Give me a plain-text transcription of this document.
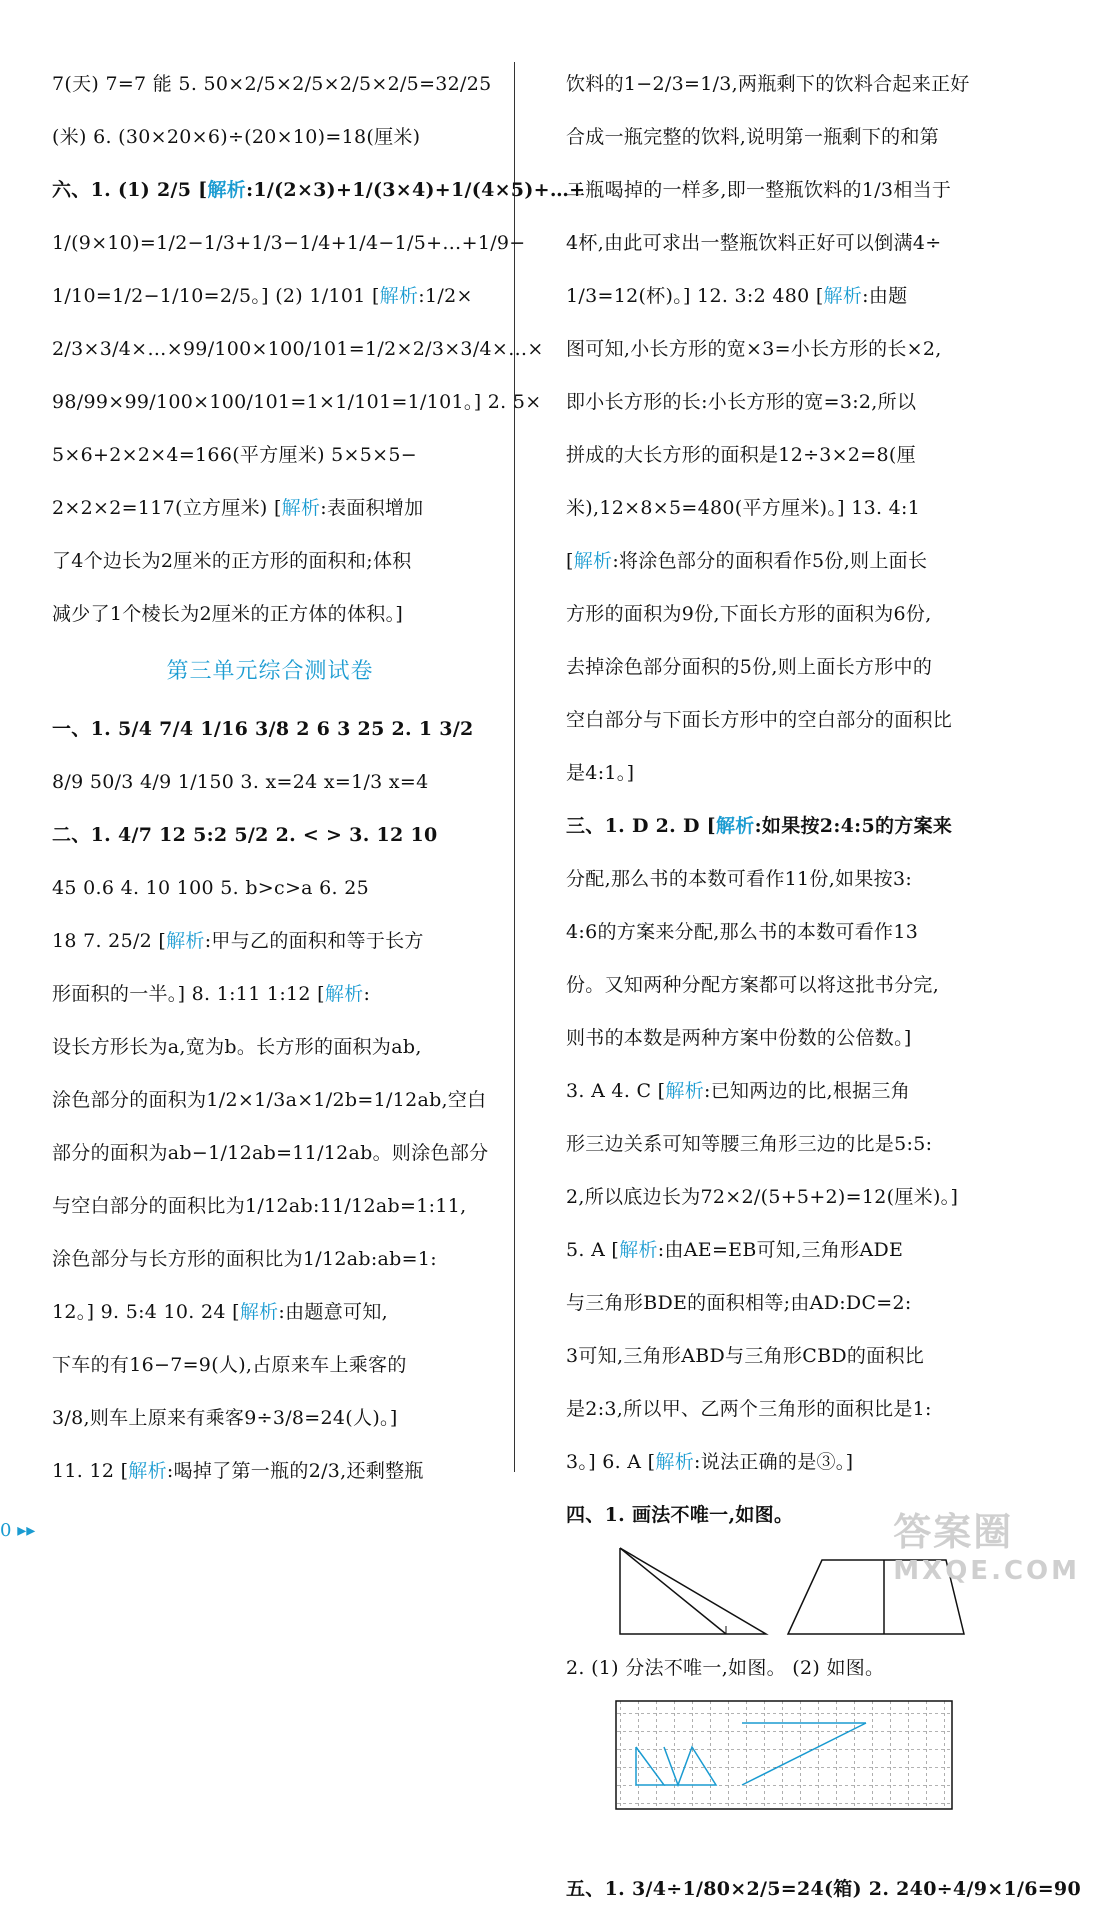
7(天) 7=7 能 5. 50×2/5×2/5×2/5×2/5=32/25
(米) 6. (30×20×6)÷(20×10)=18(厘米)
六、1. (1) 2/5 [解析:1/(2×3)+1/(3×4)+1/(4×5)+…+
1/(9×10)=1/2−1/3+1/3−1/4+1/4−1/5+…+1/9−
1/10=1/2−1/10=2/5。] (2) 1/101 [解析:1/2×
2/3×3/4×…×99/100×100/101=1/2×2/3×3/4×…×
98/99×99/100×100/101=1×1/101=1/101。] 2. 5×
5×6+2×2×4=166(平方厘米) 5×5×5−
2×2×2=117(立方厘米) [解析:表面积增加
了4个边长为2厘米的正方形的面积和;体积
减少了1个棱长为2厘米的正方体的体积。]
第三单元综合测试卷
一、1. 5/4 7/4 1/16 3/8 2 6 3 25 2. 1 3/2
8/9 50/3 4/9 1/150 3. x=24 x=1/3 x=4
二、1. 4/7 12 5:2 5/2 2. < > 3. 12 10
45 0.6 4. 10 100 5. b>c>a 6. 25
18 7. 25/2 [解析:甲与乙的面积和等于长方
形面积的一半。] 8. 1:11 1:12 [解析:
设长方形长为a,宽为b。长方形的面积为ab,
涂色部分的面积为1/2×1/3a×1/2b=1/12ab,空白
部分的面积为ab−1/12ab=11/12ab。则涂色部分
与空白部分的面积比为1/12ab:11/12ab=1:11,
涂色部分与长方形的面积比为1/12ab:ab=1:
12。] 9. 5:4 10. 24 [解析:由题意可知,
下车的有16−7=9(人),占原来车上乘客的
3/8,则车上原来有乘客9÷3/8=24(人)。]
11. 12 [解析:喝掉了第一瓶的2/3,还剩整瓶
饮料的1−2/3=1/3,两瓶剩下的饮料合起来正好
合成一瓶完整的饮料,说明第一瓶剩下的和第
二瓶喝掉的一样多,即一整瓶饮料的1/3相当于
4杯,由此可求出一整瓶饮料正好可以倒满4÷
1/3=12(杯)。] 12. 3:2 480 [解析:由题
图可知,小长方形的宽×3=小长方形的长×2,
即小长方形的长:小长方形的宽=3:2,所以
拼成的大长方形的面积是12÷3×2=8(厘
米),12×8×5=480(平方厘米)。] 13. 4:1
[解析:将涂色部分的面积看作5份,则上面长
方形的面积为9份,下面长方形的面积为6份,
去掉涂色部分面积的5份,则上面长方形中的
空白部分与下面长方形中的空白部分的面积比
是4:1。]
三、1. D 2. D [解析:如果按2:4:5的方案来
分配,那么书的本数可看作11份,如果按3:
4:6的方案来分配,那么书的本数可看作13
份。又知两种分配方案都可以将这批书分完,
则书的本数是两种方案中份数的公倍数。]
3. A 4. C [解析:已知两边的比,根据三角
形三边关系可知等腰三角形三边的比是5:5:
2,所以底边长为72×2/(5+5+2)=12(厘米)。]
5. A [解析:由AE=EB可知,三角形ADE
与三角形BDE的面积相等;由AD:DC=2:
3可知,三角形ABD与三角形CBD的面积比
是2:3,所以甲、乙两个三角形的面积比是1:
3。] 6. A [解析:说法正确的是③。]
四、1. 画法不唯一,如图。
2. (1) 分法不唯一,如图。 (2) 如图。
五、1. 3/4÷1/80×2/5=24(箱) 2. 240÷4/9×1/6=90
0 ▸▸	答案圈
MXQE.COM
